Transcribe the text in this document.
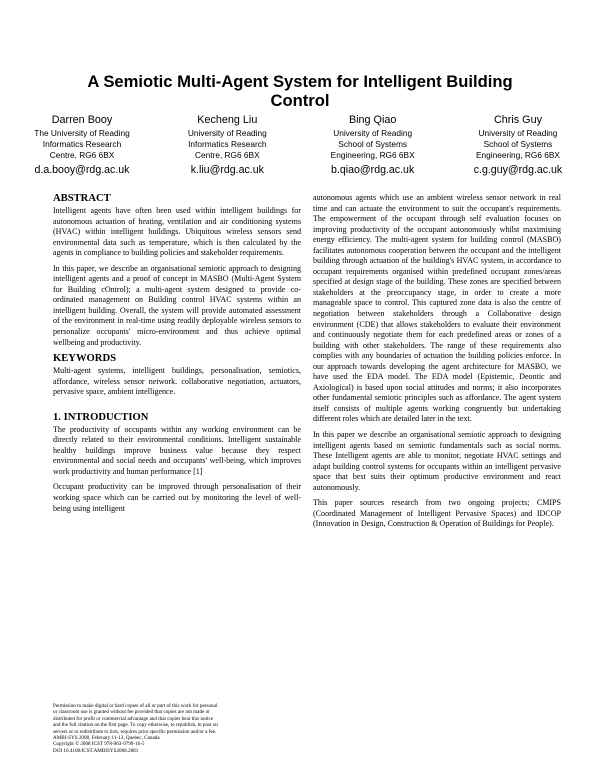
A Semiotic Multi-Agent System for Intelligent Building
Control
Darren Booy
The University of Reading
Informatics Research
Centre, RG6 6BX
d.a.booy@rdg.ac.uk
Kecheng Liu
University of Reading
Informatics Research
Centre, RG6 6BX
k.liu@rdg.ac.uk
Bing Qiao
University of Reading
School of Systems
Engineering, RG6 6BX
b.qiao@rdg.ac.uk
Chris Guy
University of Reading
School of Systems
Engineering, RG6 6BX
c.g.guy@rdg.ac.uk
ABSTRACT

Intelligent agents have often been used within intelligent buildings for autonomous actuation of heating, ventilation and air conditioning systems (HVAC) within intelligent buildings. Ubiquitous wireless sensors send environmental data such as temperature, which is then calculated by the agents in compliance to building policies and stakeholder requirements.

In this paper, we describe an organisational semiotic approach to designing intelligent agents and a proof of concept in MASBO (Multi-Agent System for Building cOntrol); a multi-agent system designed to provide co-ordinated management on Building control HVAC systems within an intelligent building. Overall, the system will provide automated assessment of the environment in real-time using readily deployable wireless sensors to personalize occupants' micro-environment and thus achieve optimal wellbeing and productivity.

KEYWORDS

Multi-agent systems, intelligent buildings, personalisation, semiotics, affordance, wireless sensor network. collaborative negotiation, actuators, pervasive space, ambient intelligence.

1. INTRODUCTION

The productivity of occupants within any working environment can be directly related to their environmental conditions. Intelligent sustainable healthy buildings improve business value because they respect environmental and social needs and occupants' well-being, which improves work productivity and human performance [1]

Occupant productivity can be improved through personalisation of their working space which can be carried out by monitoring the level of well-being using intelligent

Permission to make digital or hard copies of all or part of this work for personal
or classroom use is granted without fee provided that copies are not made or
distributed for profit or commercial advantage and that copies bear this notice
and the full citation on the first page. To copy otherwise, to republish, to post on
servers or to redistribute to lists, requires prior specific permission and/or a fee.
AMBI-SYS 2008, February 11-13, Quebec, Canada
Copyright © 2008 ICST 978-963-9799-16-5
DOI 10.4108/ICST.AMBISYS2008.2881

autonomous agents which use an ambient wireless sensor network in real time and can actuate the environment to suit the occupant's requirements. The empowerment of the occupant through self evaluation focuses on improving productivity of the occupant autonomously whilst maximising energy efficiency. The multi-agent system for building control (MASBO) facilitates autonomous cooperation between the occupant and the intelligent building through actuation of the building's HVAC system, in accordance to occupant requirements organised within predefined occupant zones/areas specified at design stage of the building. These zones are specified between stakeholders at the preoccupancy stage, in order to create a more manageable space to control. This captured zone data is also the centre of negotiation between stakeholders through a Collaborative design environment (CDE) that allows stakeholders to evaluate their environment and continuously negotiate them for each predefined areas or zones of a building with other stakeholders. The range of these requirements also complies with any boundaries of actuation the building policies enforce. In our approach towards developing the agent architecture for MASBO, we have used the EDA model. The EDA model (Epistemic, Deontic and Axiological) is based upon social attitudes and norms; it also incorporates other fundamental semiotic principles such as affordance. The agent system itself consists of multiple agents working congruently but undertaking different roles which are detailed later in the text.

In this paper we describe an organisational semiotic approach to designing intelligent agents based on semiotic fundamentals such as social norms. These Intelligent agents are able to monitor, negotiate HVAC settings and adapt building control systems for occupants within an intelligent pervasive space that best suits their optimum productive environment and react autonomously.

This paper sources research from two ongoing projects; CMIPS (Coordinated Management of Intelligent Pervasive Spaces) and IDCOP (Innovation in Design, Construction & Operation of Buildings for People).
